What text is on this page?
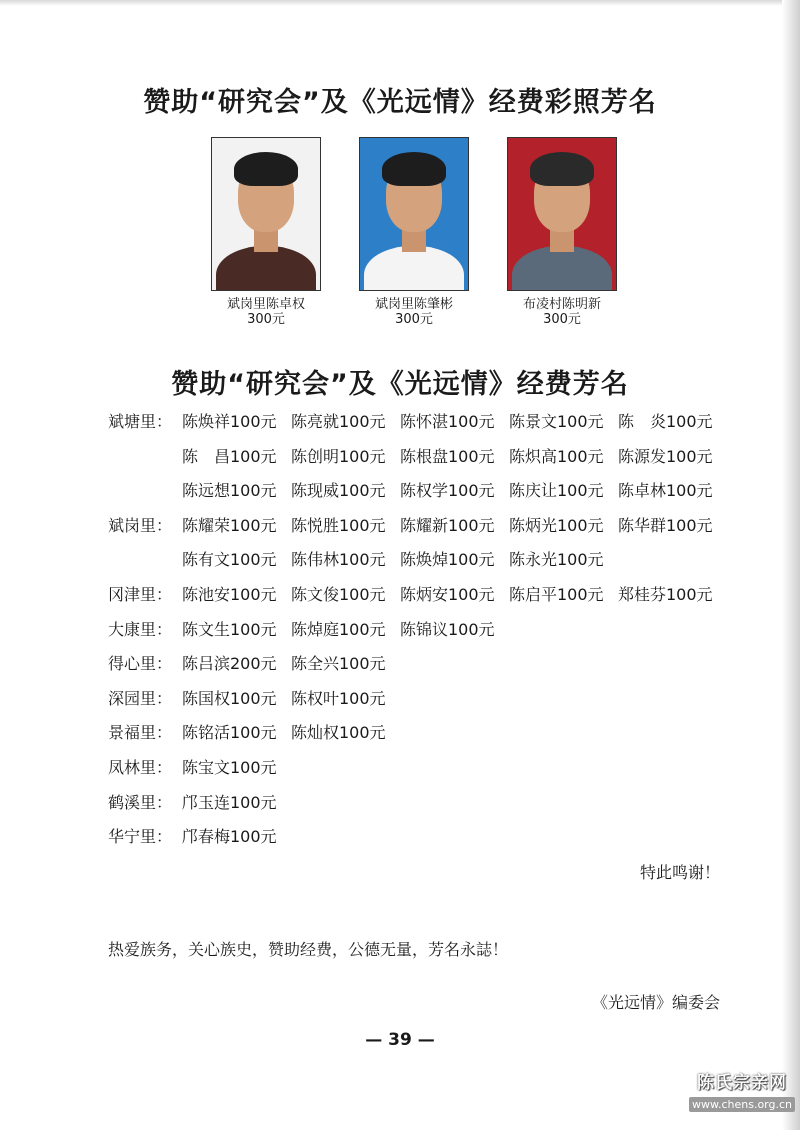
赞助“研究会”及《光远情》经费彩照芳名
斌岗里陈卓权
300元
斌岗里陈肇彬
300元
布凌村陈明新
300元
赞助“研究会”及《光远情》经费芳名
斌塘里： 陈焕祥100元 陈亮就100元 陈怀湛100元 陈景文100元 陈　炎100元
陈　昌100元 陈创明100元 陈根盘100元 陈炽高100元 陈源发100元
陈远想100元 陈现威100元 陈权学100元 陈庆让100元 陈卓林100元
斌岗里： 陈耀荣100元 陈悦胜100元 陈耀新100元 陈炳光100元 陈华群100元
陈有文100元 陈伟林100元 陈焕焯100元 陈永光100元
冈津里： 陈池安100元 陈文俊100元 陈炳安100元 陈启平100元 郑桂芬100元
大康里： 陈文生100元 陈焯庭100元 陈锦议100元
得心里： 陈吕滨200元 陈全兴100元
深园里： 陈国权100元 陈权叶100元
景福里： 陈铭活100元 陈灿权100元
凤林里： 陈宝文100元
鹤溪里： 邝玉连100元
华宁里： 邝春梅100元
特此鸣谢！
热爱族务，关心族史，赞助经费，公德无量，芳名永誌！
《光远情》编委会
— 39 —
陈氏宗亲网
www.chens.org.cn
